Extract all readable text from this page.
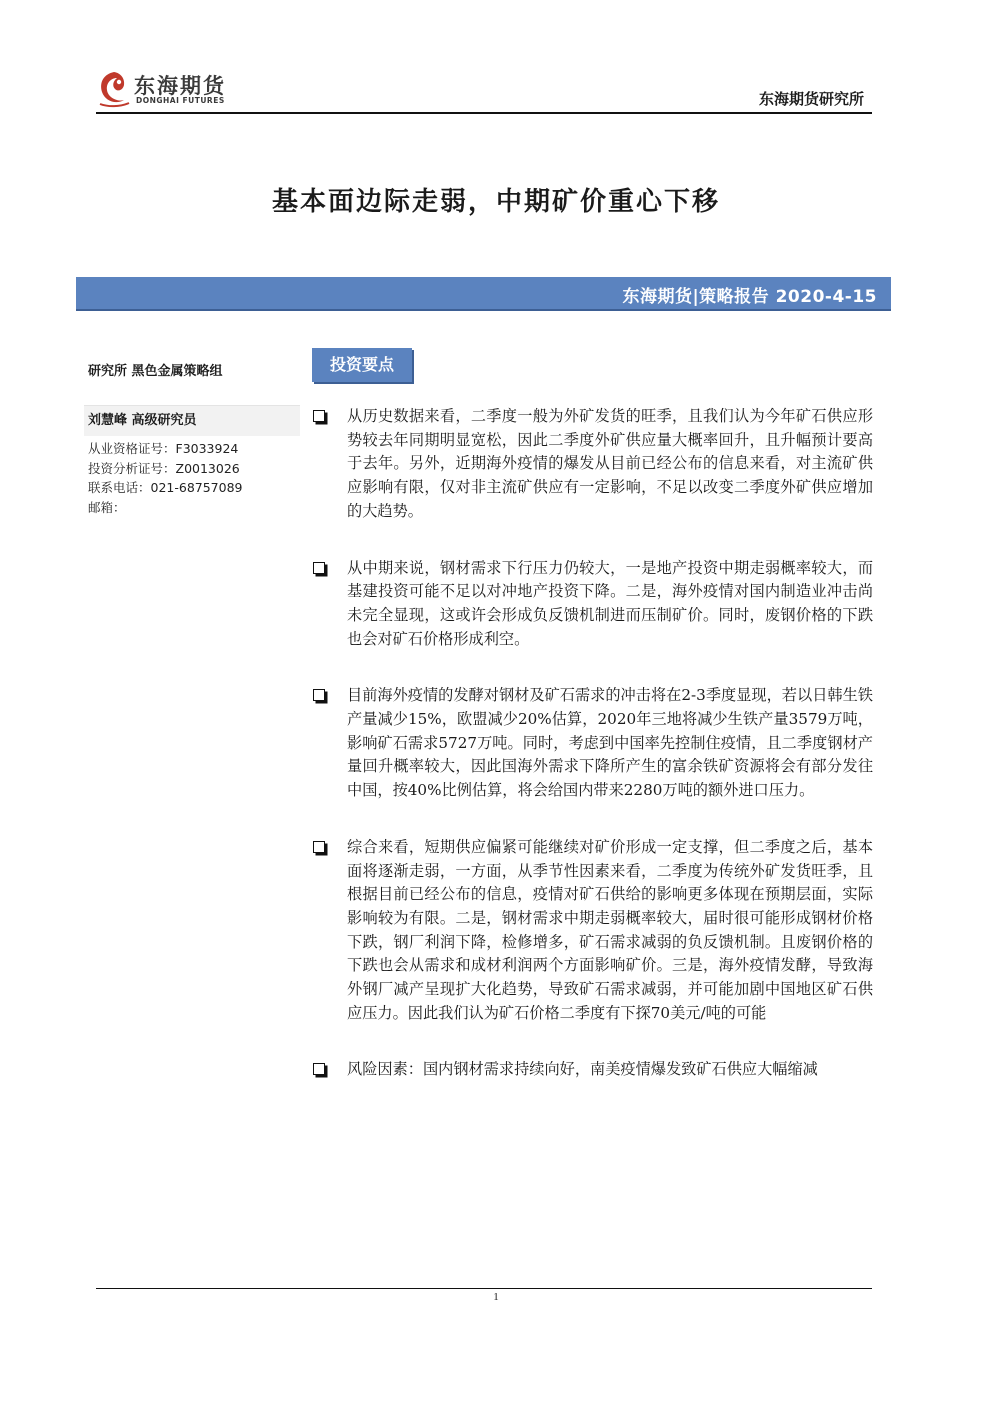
东海期货
DONGHAI FUTURES	东海期货研究所
基本面边际走弱，中期矿价重心下移
东海期货|策略报告 2020-4-15
研究所 黑色金属策略组
刘慧峰 高级研究员
从业资格证号：F3033924
投资分析证号：Z0013026
联系电话：021-68757089
邮箱：
投资要点
从历史数据来看，二季度一般为外矿发货的旺季，且我们认为今年矿石供应形势较去年同期明显宽松，因此二季度外矿供应量大概率回升，且升幅预计要高于去年。另外，近期海外疫情的爆发从目前已经公布的信息来看，对主流矿供应影响有限，仅对非主流矿供应有一定影响，不足以改变二季度外矿供应增加的大趋势。
从中期来说，钢材需求下行压力仍较大，一是地产投资中期走弱概率较大，而基建投资可能不足以对冲地产投资下降。二是，海外疫情对国内制造业冲击尚未完全显现，这或许会形成负反馈机制进而压制矿价。同时，废钢价格的下跌也会对矿石价格形成利空。
目前海外疫情的发酵对钢材及矿石需求的冲击将在2-3季度显现，若以日韩生铁产量减少15%，欧盟减少20%估算，2020年三地将减少生铁产量3579万吨，影响矿石需求5727万吨。同时，考虑到中国率先控制住疫情，且二季度钢材产量回升概率较大，因此国海外需求下降所产生的富余铁矿资源将会有部分发往中国，按40%比例估算，将会给国内带来2280万吨的额外进口压力。
综合来看，短期供应偏紧可能继续对矿价形成一定支撑，但二季度之后，基本面将逐渐走弱，一方面，从季节性因素来看，二季度为传统外矿发货旺季，且根据目前已经公布的信息，疫情对矿石供给的影响更多体现在预期层面，实际影响较为有限。二是，钢材需求中期走弱概率较大，届时很可能形成钢材价格下跌，钢厂利润下降，检修增多，矿石需求减弱的负反馈机制。且废钢价格的下跌也会从需求和成材利润两个方面影响矿价。三是，海外疫情发酵，导致海外钢厂减产呈现扩大化趋势，导致矿石需求减弱，并可能加剧中国地区矿石供应压力。因此我们认为矿石价格二季度有下探70美元/吨的可能
风险因素：国内钢材需求持续向好，南美疫情爆发致矿石供应大幅缩减
1
